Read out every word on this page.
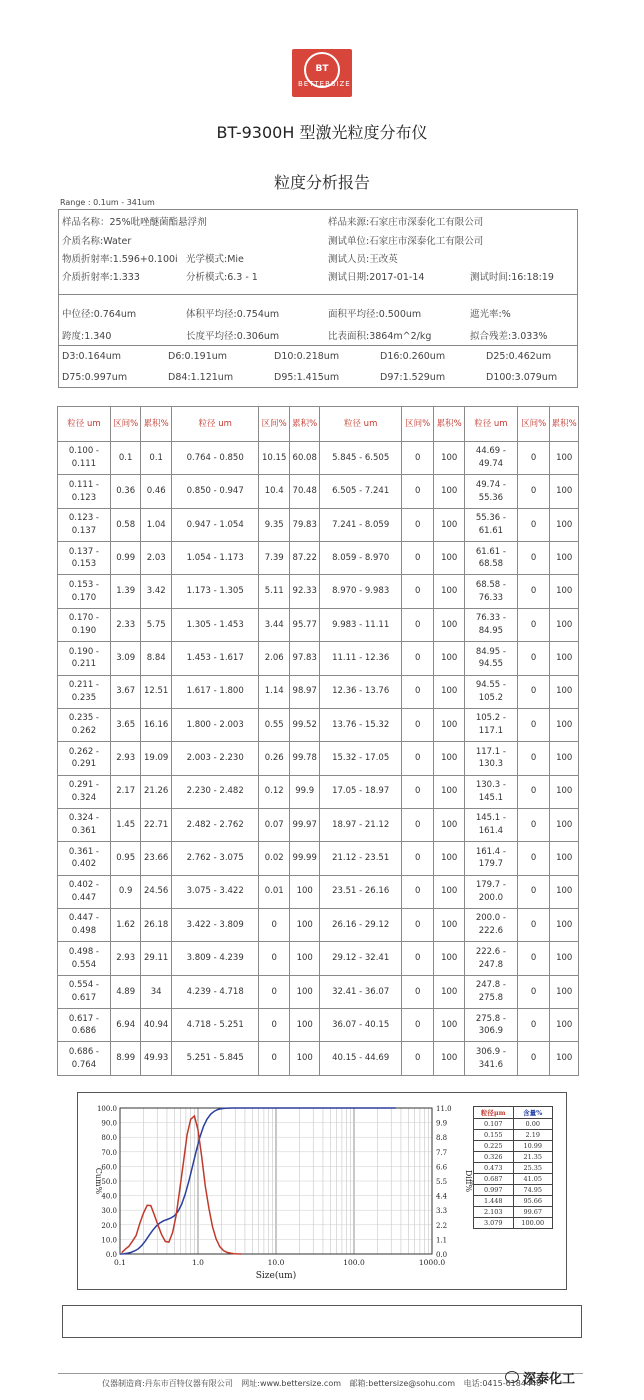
BT
BETTERSIZE
BT-9300H 型激光粒度分布仪
粒度分析报告
Range : 0.1um - 341um
样品名称：25%吡唑醚菌酯悬浮剂	样品来源:石家庄市深泰化工有限公司
介质名称:Water	测试单位:石家庄市深泰化工有限公司
物质折射率:1.596+0.100i 光学模式:Mie	测试人员:王改英
介质折射率:1.333	分析模式:6.3 - 1	测试日期:2017-01-14	测试时间:16:18:19
中位径:0.764um	体积平均径:0.754um	面积平均径:0.500um	遮光率:%
跨度:1.340	长度平均径:0.306um	比表面积:3864m^2/kg	拟合残差:3.033%
D3:0.164um	D6:0.191um	D10:0.218um	D16:0.260um	D25:0.462um
D75:0.997um	D84:1.121um	D95:1.415um	D97:1.529um	D100:3.079um
粒径 um	区间%	累积%	粒径 um	区间%	累积%	粒径 um	区间%	累积%	粒径 um	区间%	累积%
0.100 - 0.111	0.1	0.1	0.764 - 0.850	10.15	60.08	5.845 - 6.505	0	100	44.69 - 49.74	0	100
0.111 - 0.123	0.36	0.46	0.850 - 0.947	10.4	70.48	6.505 - 7.241	0	100	49.74 - 55.36	0	100
0.123 - 0.137	0.58	1.04	0.947 - 1.054	9.35	79.83	7.241 - 8.059	0	100	55.36 - 61.61	0	100
0.137 - 0.153	0.99	2.03	1.054 - 1.173	7.39	87.22	8.059 - 8.970	0	100	61.61 - 68.58	0	100
0.153 - 0.170	1.39	3.42	1.173 - 1.305	5.11	92.33	8.970 - 9.983	0	100	68.58 - 76.33	0	100
0.170 - 0.190	2.33	5.75	1.305 - 1.453	3.44	95.77	9.983 - 11.11	0	100	76.33 - 84.95	0	100
0.190 - 0.211	3.09	8.84	1.453 - 1.617	2.06	97.83	11.11 - 12.36	0	100	84.95 - 94.55	0	100
0.211 - 0.235	3.67	12.51	1.617 - 1.800	1.14	98.97	12.36 - 13.76	0	100	94.55 - 105.2	0	100
0.235 - 0.262	3.65	16.16	1.800 - 2.003	0.55	99.52	13.76 - 15.32	0	100	105.2 - 117.1	0	100
0.262 - 0.291	2.93	19.09	2.003 - 2.230	0.26	99.78	15.32 - 17.05	0	100	117.1 - 130.3	0	100
0.291 - 0.324	2.17	21.26	2.230 - 2.482	0.12	99.9	17.05 - 18.97	0	100	130.3 - 145.1	0	100
0.324 - 0.361	1.45	22.71	2.482 - 2.762	0.07	99.97	18.97 - 21.12	0	100	145.1 - 161.4	0	100
0.361 - 0.402	0.95	23.66	2.762 - 3.075	0.02	99.99	21.12 - 23.51	0	100	161.4 - 179.7	0	100
0.402 - 0.447	0.9	24.56	3.075 - 3.422	0.01	100	23.51 - 26.16	0	100	179.7 - 200.0	0	100
0.447 - 0.498	1.62	26.18	3.422 - 3.809	0	100	26.16 - 29.12	0	100	200.0 - 222.6	0	100
0.498 - 0.554	2.93	29.11	3.809 - 4.239	0	100	29.12 - 32.41	0	100	222.6 - 247.8	0	100
0.554 - 0.617	4.89	34	4.239 - 4.718	0	100	32.41 - 36.07	0	100	247.8 - 275.8	0	100
0.617 - 0.686	6.94	40.94	4.718 - 5.251	0	100	36.07 - 40.15	0	100	275.8 - 306.9	0	100
0.686 - 0.764	8.99	49.93	5.251 - 5.845	0	100	40.15 - 44.69	0	100	306.9 - 341.6	0	100
0.0
10.0
20.0
30.0
40.0
50.0
60.0
70.0
80.0
90.0
100.0
0.0
1.1
2.2
3.3
4.4
5.5
6.6
7.7
8.8
9.9
11.0
0.1	1.0	10.0	100.0	1000.0
Size(um)
Cum%	Diff%
粒径μm	含量%
0.107	0.00
0.155	2.19
0.225	10.99
0.326	21.35
0.473	25.35
0.687	41.05
0.997	74.95
1.448	95.66
2.103	99.67
3.079	100.00
仪器制造商:丹东市百特仪器有限公司 网址:www.bettersize.com 邮箱:bettersize@sohu.com 电话:0415-6184440
深泰化工
